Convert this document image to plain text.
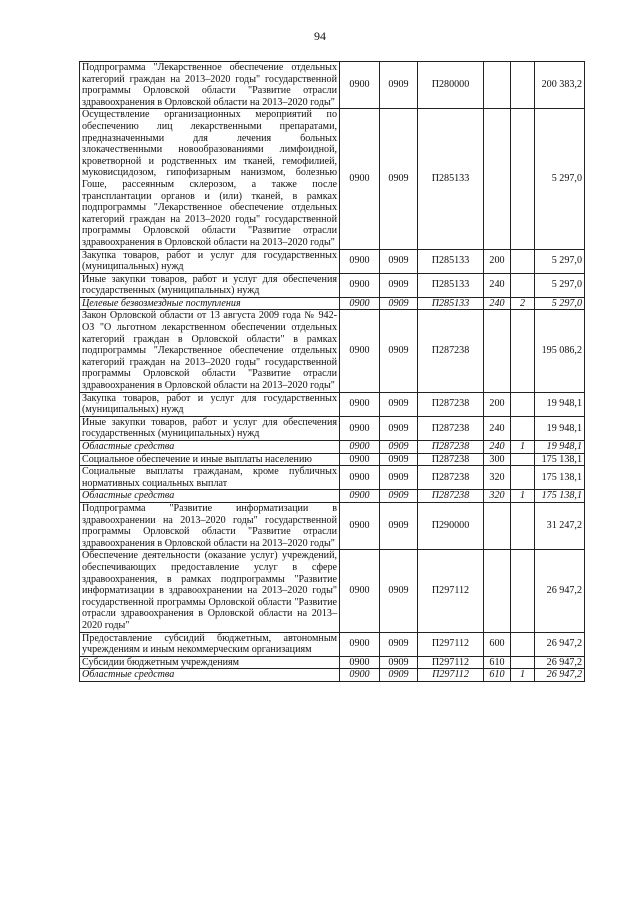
94
Подпрограмма "Лекарственное обеспечение отдельных категорий граждан на 2013–2020 годы" государственной программы Орловской области "Развитие отрасли здравоохранения в Орловской области на 2013–2020 годы"	0900	0909	П280000			200 383,2
Осуществление организационных мероприятий по обеспечению лиц лекарственными препаратами, предназначенными для лечения больных злокачественными новообразованиями лимфоидной, кроветворной и родственных им тканей, гемофилией, муковисцидозом, гипофизарным нанизмом, болезнью Гоше, рассеянным склерозом, а также после трансплантации органов и (или) тканей, в рамках подпрограммы "Лекарственное обеспечение отдельных категорий граждан на 2013–2020 годы" государственной программы Орловской области "Развитие отрасли здравоохранения в Орловской области на 2013–2020 годы"	0900	0909	П285133			5 297,0
Закупка товаров, работ и услуг для государственных (муниципальных) нужд	0900	0909	П285133	200		5 297,0
Иные закупки товаров, работ и услуг для обеспечения государственных (муниципальных) нужд	0900	0909	П285133	240		5 297,0
Целевые безвозмездные поступления	0900	0909	П285133	240	2	5 297,0
Закон Орловской области от 13 августа 2009 года № 942-ОЗ "О льготном лекарственном обеспечении отдельных категорий граждан в Орловской области" в рамках подпрограммы "Лекарственное обеспечение отдельных категорий граждан на 2013–2020 годы" государственной программы Орловской области "Развитие отрасли здравоохранения в Орловской области на 2013–2020 годы"	0900	0909	П287238			195 086,2
Закупка товаров, работ и услуг для государственных (муниципальных) нужд	0900	0909	П287238	200		19 948,1
Иные закупки товаров, работ и услуг для обеспечения государственных (муниципальных) нужд	0900	0909	П287238	240		19 948,1
Областные средства	0900	0909	П287238	240	1	19 948,1
Социальное обеспечение и иные выплаты населению	0900	0909	П287238	300		175 138,1
Социальные выплаты гражданам, кроме публичных нормативных социальных выплат	0900	0909	П287238	320		175 138,1
Областные средства	0900	0909	П287238	320	1	175 138,1
Подпрограмма "Развитие информатизации в здравоохранении на 2013–2020 годы" государственной программы Орловской области "Развитие отрасли здравоохранения в Орловской области на 2013–2020 годы"	0900	0909	П290000			31 247,2
Обеспечение деятельности (оказание услуг) учреждений, обеспечивающих предоставление услуг в сфере здравоохранения, в рамках подпрограммы "Развитие информатизации в здравоохранении на 2013–2020 годы" государственной программы Орловской области "Развитие отрасли здравоохранения в Орловской области на 2013–2020 годы"	0900	0909	П297112			26 947,2
Предоставление субсидий бюджетным, автономным учреждениям и иным некоммерческим организациям	0900	0909	П297112	600		26 947,2
Субсидии бюджетным учреждениям	0900	0909	П297112	610		26 947,2
Областные средства	0900	0909	П297112	610	1	26 947,2
